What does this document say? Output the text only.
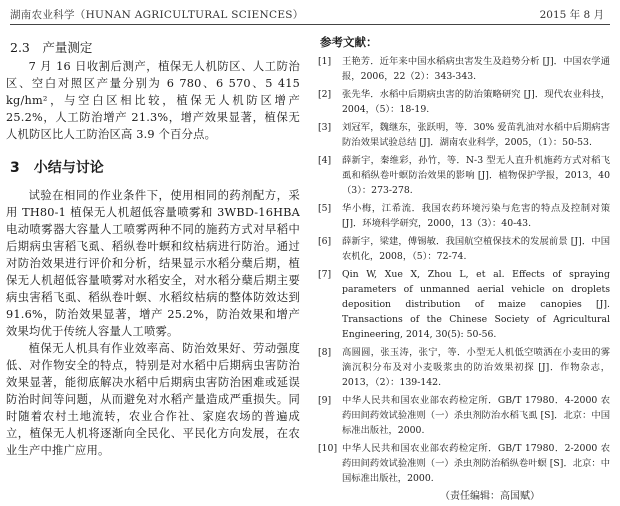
湖南农业科学（HUNAN AGRICULTURAL SCIENCES）	2015 年 8 月
2.3　产量测定

7 月 16 日收割后测产，植保无人机防区、人工防治区、空白对照区产量分别为 6 780、6 570、5 415 kg/hm²，与空白区相比较，植保无人机防区增产 25.2%，人工防治增产 21.3%，增产效果显著，植保无人机防区比人工防治区高 3.9 个百分点。

3　小结与讨论

试验在相同的作业条件下，使用相同的药剂配方，采用 TH80-1 植保无人机超低容量喷雾和 3WBD-16HBA 电动喷雾器大容量人工喷雾两种不同的施药方式对早稻中后期病虫害稻飞虱、稻纵卷叶螟和纹枯病进行防治。通过对防治效果进行评价和分析，结果显示水稻分蘖后期，植保无人机超低容量喷雾对水稻安全，对水稻分蘖后期主要病虫害稻飞虱、稻纵卷叶螟、水稻纹枯病的整体防效达到 91.6%，防治效果显著，增产 25.2%，防治效果和增产效果均优于传统人容量人工喷雾。

植保无人机具有作业效率高、防治效果好、劳动强度低、对作物安全的特点，特别是对水稻中后期病虫害防治效果显著，能彻底解决水稻中后期病虫害防治困难或延误防治时间等问题，从而避免对水稻产量造成严重损失。同时随着农村土地流转，农业合作社、家庭农场的普遍成立，植保无人机将逐渐向全民化、平民化方向发展，在农业生产中推广应用。

参考文献：
[1]	王艳芳．近年来中国水稻病虫害发生及趋势分析 [J]．中国农学通报，2006，22（2）：343-343.
[2]	张先华．水稻中后期病虫害的防治策略研究 [J]．现代农业科技，2004，（5）：18-19.
[3]	刘冠军，魏继东，张跃明，等．30% 爱苗乳油对水稻中后期病害防治效果试验总结 [J]．湖南农业科学，2005，（1）：50-53.
[4]	薛新宇，秦维彩，孙竹，等．N-3 型无人直升机施药方式对稻飞虱和稻纵卷叶螟防治效果的影响 [J]．植物保护学报，2013，40（3）：273-278.
[5]	华小梅，江希流．我国农药环境污染与危害的特点及控制对策 [J]．环境科学研究，2000，13（3）：40-43.
[6]	薛新宇，梁建，傅锡敏．我国航空植保技术的发展前景 [J]．中国农机化，2008，（5）：72-74.
[7]	Qin W, Xue X, Zhou L, et al. Effects of spraying parameters of unmanned aerial vehicle on droplets deposition distribution of maize canopies [J]. Transactions of the Chinese Society of Agricultural Engineering, 2014, 30(5): 50-56.
[8]	高圆圆，张玉涛，张宁，等．小型无人机低空喷洒在小麦田的雾滴沉积分布及对小麦吸浆虫的防治效果初探 [J]．作物杂志，2013，（2）：139-142.
[9]	中华人民共和国农业部农药检定所．GB/T 17980．4-2000 农药田间药效试验准则（一）杀虫剂防治水稻飞虱 [S]．北京：中国标准出版社，2000.
[10] 中华人民共和国农业部农药检定所．GB/T 17980．2-2000 农药田间药效试验准则（一）杀虫剂防治稻纵卷叶螟 [S]．北京：中国标准出版社，2000.
（责任编辑：高国赋）
